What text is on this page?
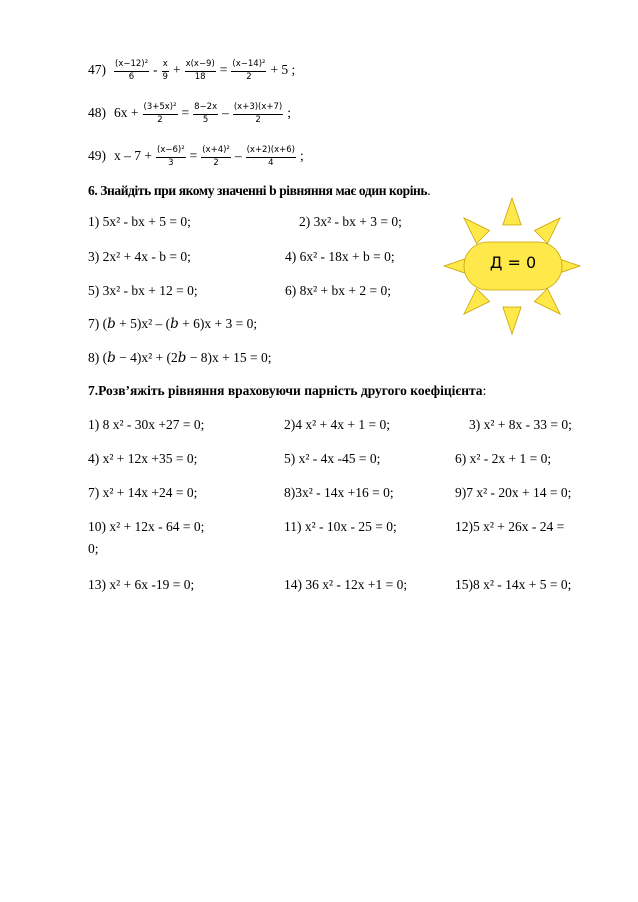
$47) \frac{\text{(x−12)²}}{6} - \frac{x}{9} + \frac{x(x-9)}{18} = \frac{\text{(x−14)²}}{2} + 5$ ;
48) $6x + \frac{\text{(3+5x)²}}{2} = \frac{8-2x}{5} - \frac{(x+3)(x+7)}{2}$ ;
49) $x - 7 + \frac{\text{(x−6)²}}{3} = \frac{\text{(x+4)²}}{2} - \frac{(x+2)(x+6)}{4}$ ;
6. Знайдіть при якому значенні b рівняння має один корінь.
1) 5x² - bx + 5 = 0;	2) 3x² - bx + 3 = 0;
3) 2x² + 4x - b = 0;	4) 6x² - 18x + b = 0;
5) 3x² - bx + 12 = 0;	6) 8x² + bx + 2 = 0;
7) (𝑏 + 5)x² – (𝑏 + 6)x + 3 = 0;
8) (𝑏 − 4)x² + (2𝑏 − 8)x + 15 = 0;
Д = 0
7.Розв’яжіть рівняння враховуючи парність другого коефіцієнта:
1) 8 x² - 30x +27 = 0;	2)4 x² + 4x + 1 = 0;	3) x² + 8x - 33 = 0;
4) x² + 12x +35 = 0;	5) x² - 4x -45 = 0;	6) x² - 2x + 1 = 0;
7) x² + 14x +24 = 0;	8)3x² - 14x +16 = 0;	9)7 x² - 20x + 14 = 0;
10) x² + 12x - 64 = 0;	11) x² - 10x - 25 = 0;	12)5 x² + 26x - 24 =
0;
13) x² + 6x -19 = 0;	14) 36 x² - 12x +1 = 0;	15)8 x² - 14x + 5 = 0;
